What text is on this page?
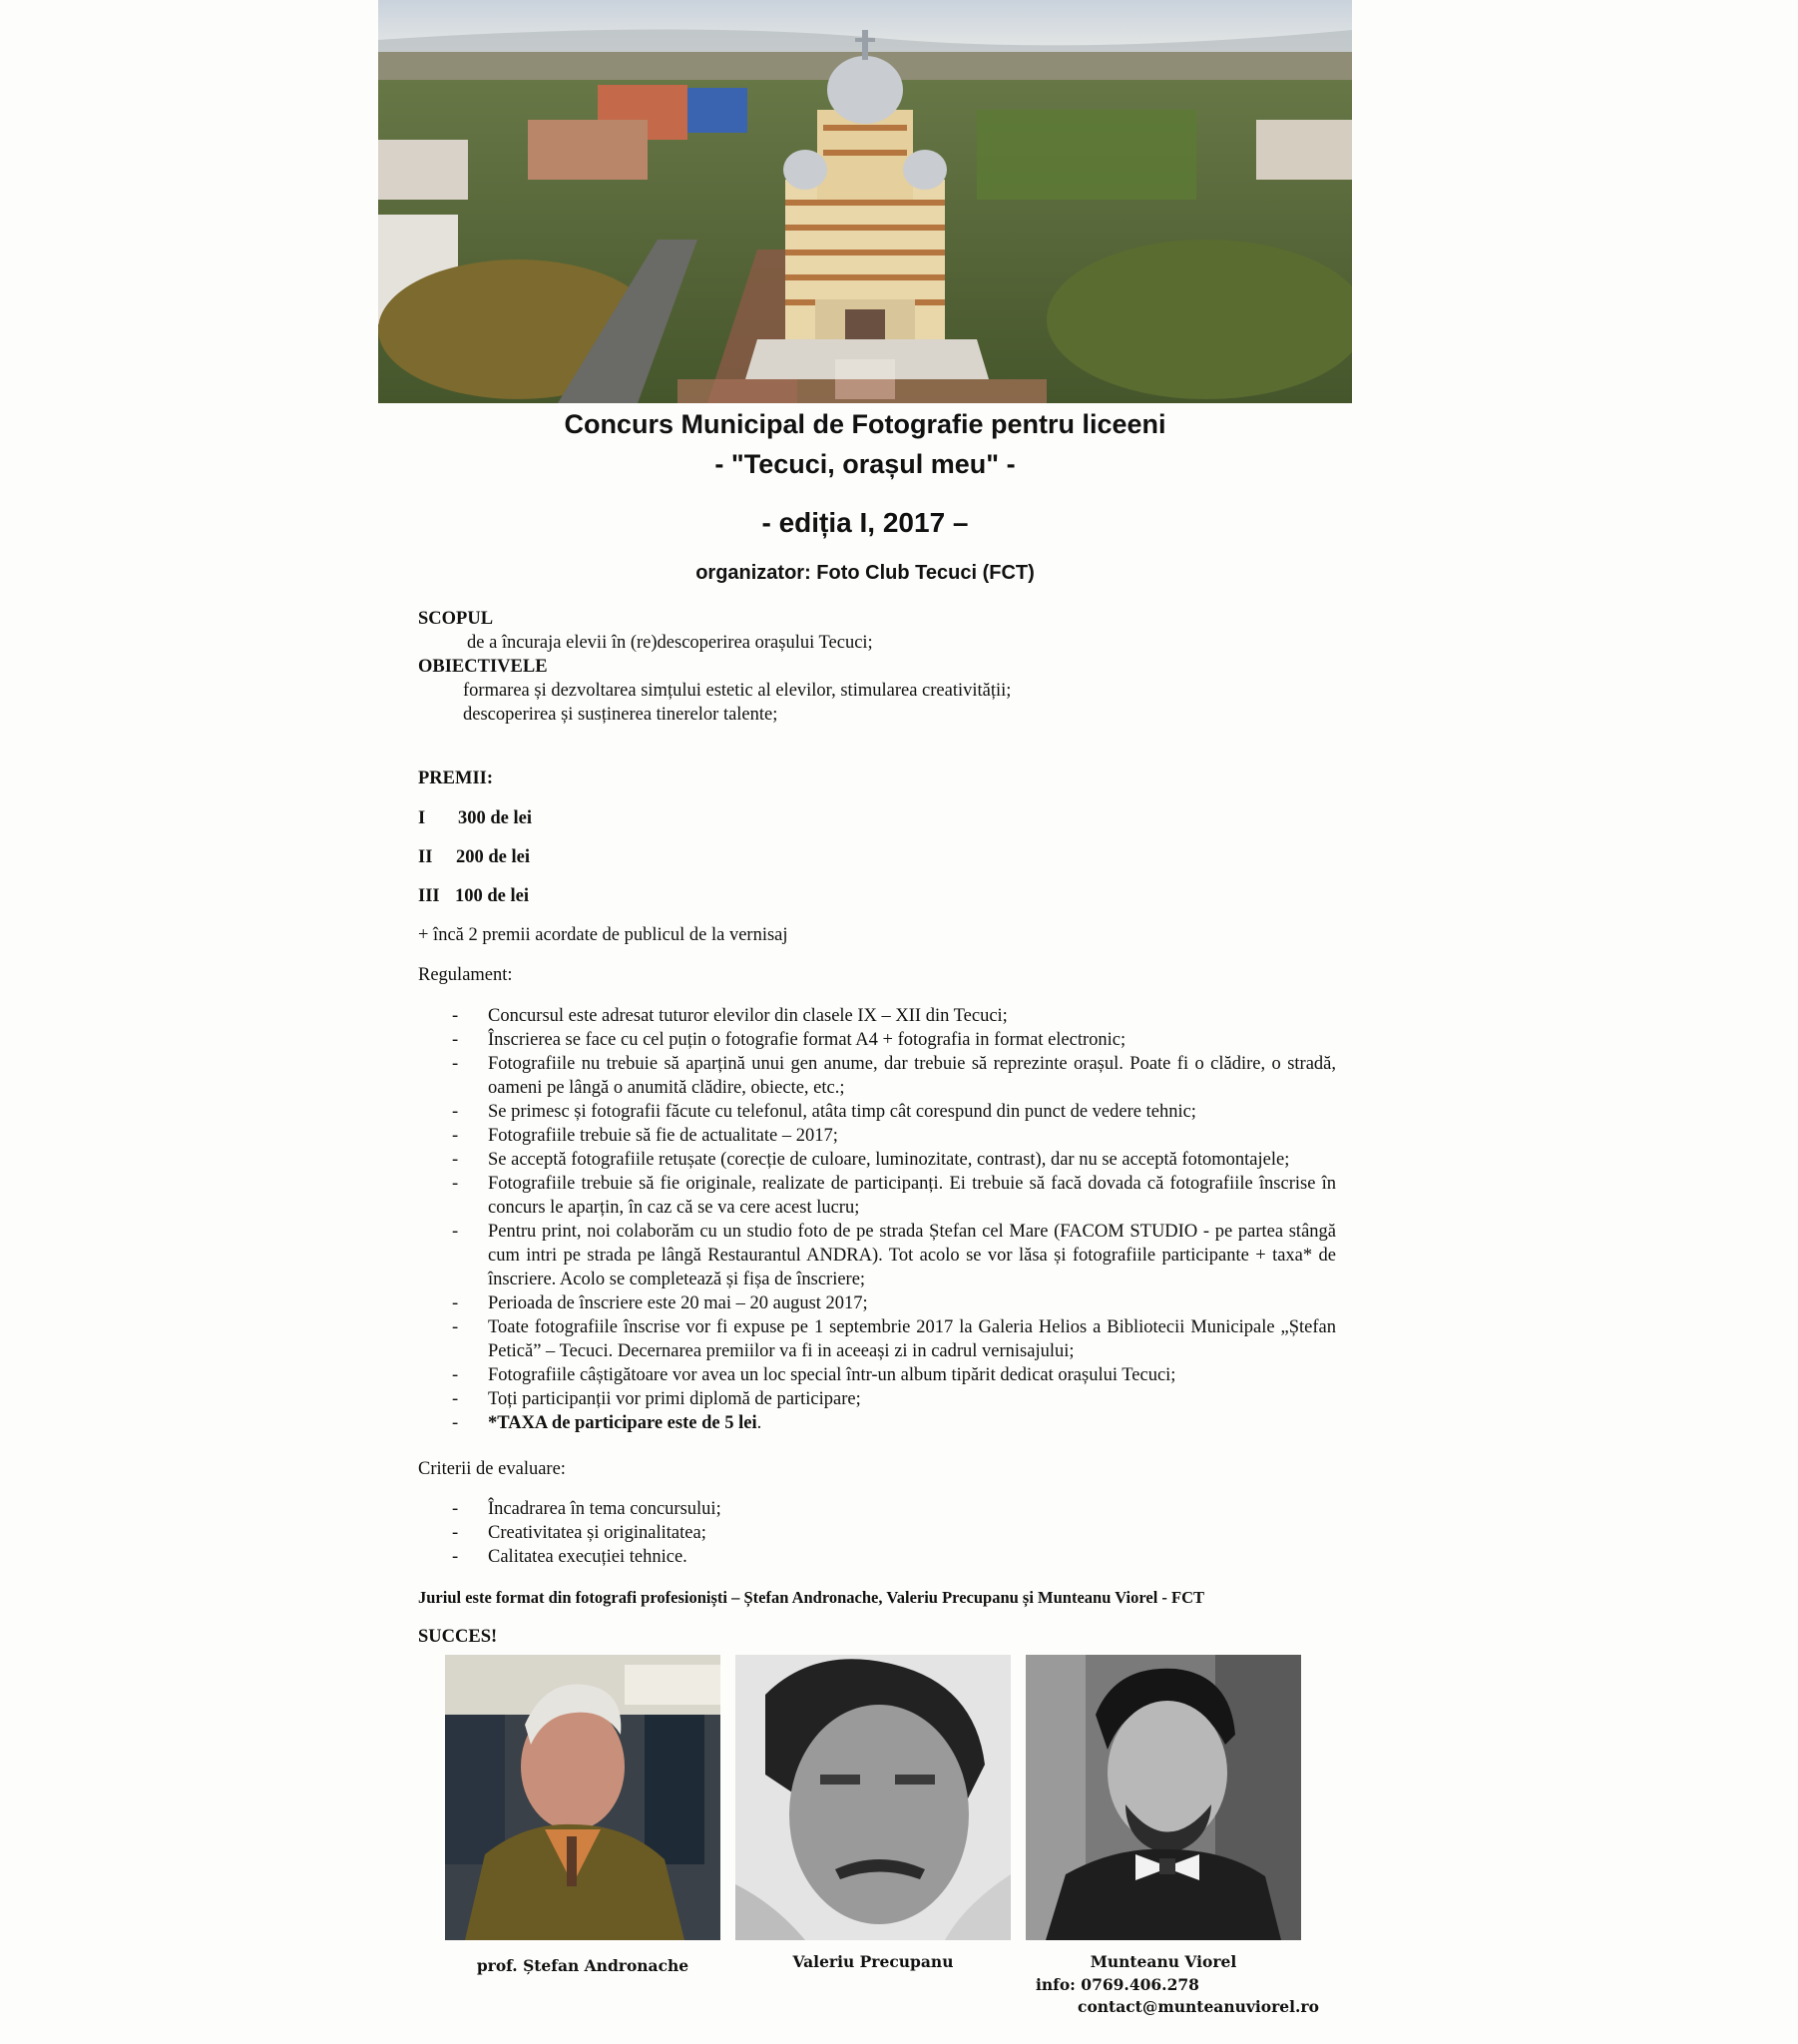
Concurs Municipal de Fotografie pentru liceeni
- "Tecuci, orașul meu" -
- ediția I, 2017 –
organizator: Foto Club Tecuci (FCT)
SCOPUL
de a încuraja elevii în (re)descoperirea orașului Tecuci;
OBIECTIVELE
formarea și dezvoltarea simțului estetic al elevilor, stimularea creativității;
descoperirea și susținerea tinerelor talente;
PREMII:
I 300 de lei
II 200 de lei
III 100 de lei
+ încă 2 premii acordate de publicul de la vernisaj
Regulament:
- Concursul este adresat tuturor elevilor din clasele IX – XII din Tecuci;
- Înscrierea se face cu cel puțin o fotografie format A4 + fotografia in format electronic;
- Fotografiile nu trebuie să aparțină unui gen anume, dar trebuie să reprezinte orașul. Poate fi o clădire, o stradă, oameni pe lângă o anumită clădire, obiecte, etc.;
- Se primesc și fotografii făcute cu telefonul, atâta timp cât corespund din punct de vedere tehnic;
- Fotografiile trebuie să fie de actualitate – 2017;
- Se acceptă fotografiile retușate (corecție de culoare, luminozitate, contrast), dar nu se acceptă fotomontajele;
- Fotografiile trebuie să fie originale, realizate de participanți. Ei trebuie să facă dovada că fotografiile înscrise în concurs le aparțin, în caz că se va cere acest lucru;
- Pentru print, noi colaborăm cu un studio foto de pe strada Ștefan cel Mare (FACOM STUDIO - pe partea stângă cum intri pe strada pe lângă Restaurantul ANDRA). Tot acolo se vor lăsa și fotografiile participante + taxa* de înscriere. Acolo se completează și fișa de înscriere;
- Perioada de înscriere este 20 mai – 20 august 2017;
- Toate fotografiile înscrise vor fi expuse pe 1 septembrie 2017 la Galeria Helios a Bibliotecii Municipale „Ștefan Petică” – Tecuci. Decernarea premiilor va fi in aceeași zi in cadrul vernisajului;
- Fotografiile câștigătoare vor avea un loc special într-un album tipărit dedicat orașului Tecuci;
- Toți participanții vor primi diplomă de participare;
- *TAXA de participare este de 5 lei.
Criterii de evaluare:
- Încadrarea în tema concursului;
- Creativitatea și originalitatea;
- Calitatea execuției tehnice.
Juriul este format din fotografi profesioniști – Ștefan Andronache, Valeriu Precupanu și Munteanu Viorel - FCT
SUCCES!
prof. Ștefan Andronache	Valeriu Precupanu	Munteanu Viorel
info: 0769.406.278
contact@munteanuviorel.ro
